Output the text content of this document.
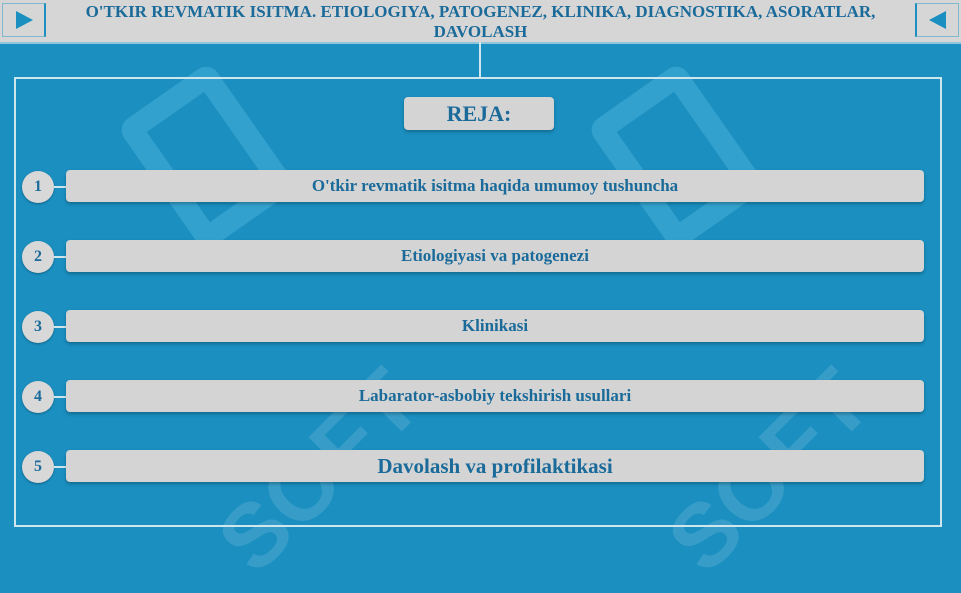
SOFT
SOFT
O'TKIR REVMATIK ISITMA. ETIOLOGIYA, PATOGENEZ, KLINIKA, DIAGNOSTIKA, ASORATLAR, DAVOLASH
REJA:
1	O'tkir revmatik isitma haqida umumoy tushuncha
2	Etiologiyasi va patogenezi
3	Klinikasi
4	Labarator-asbobiy tekshirish usullari
5	Davolash va profilaktikasi
